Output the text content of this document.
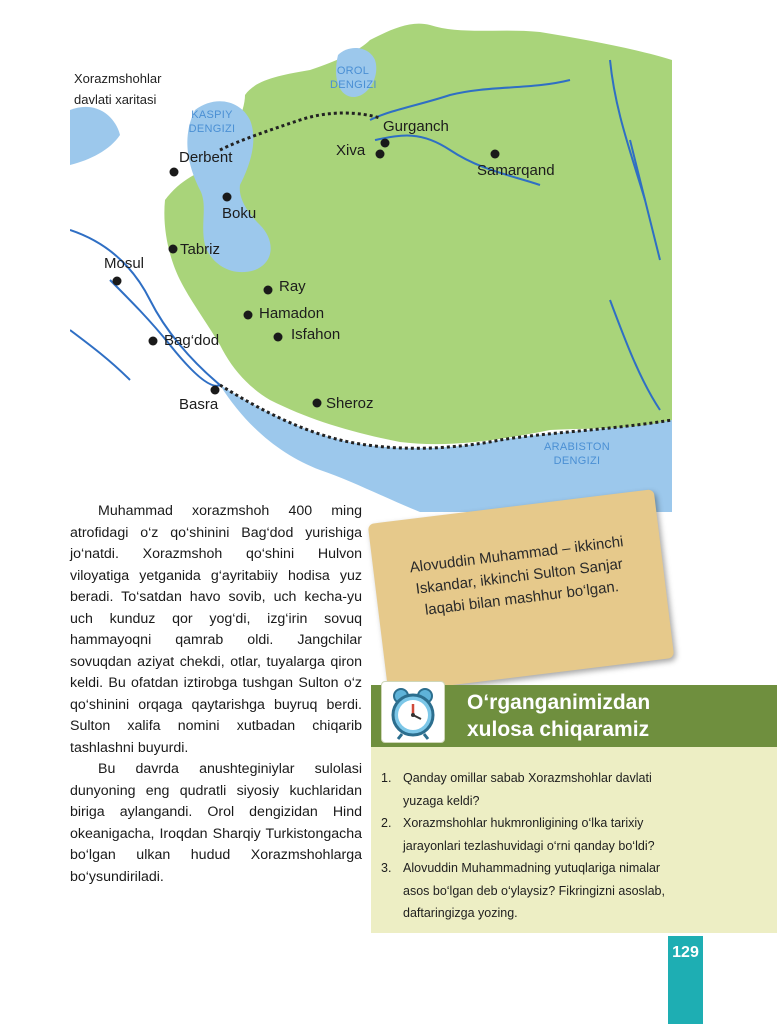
Xorazmshohlar davlati xaritasi
OROL DENGIZI
KASPIY DENGIZI
ARABISTON DENGIZI
Gurganch
Xiva
Samarqand
Derbent
Boku
Tabriz
Mosul
Ray
Hamadon
Isfahon
Bag‘dod
Basra	Sheroz

Muhammad xorazmshoh 400 ming atrofidagi o‘z qo‘shinini Bag‘dod yurishiga jo‘natdi. Xorazmshoh qo‘shini Hulvon viloyatiga yetganida g‘ayritabiiy hodisa yuz beradi. To‘satdan havo sovib, uch kecha-yu uch kunduz qor yog‘di, izg‘irin sovuq hammayoqni qamrab oldi. Jangchilar sovuqdan aziyat chekdi, otlar, tuyalarga qiron keldi. Bu ofatdan iztirobga tushgan Sulton o‘z qo‘shinini orqaga qaytarishga buyruq berdi. Sulton xalifa nomini xutbadan chiqarib tashlashni buyurdi.

Bu davrda anushteginiylar sulolasi dunyoning eng qudratli siyosiy kuchlaridan biriga aylangandi. Orol dengizidan Hind okeanigacha, Iroqdan Sharqiy Turkistongacha bo‘lgan ulkan hudud Xorazmshohlarga bo‘ysundiriladi.

Alovuddin Muhammad – ikkinchi Iskandar, ikkinchi Sulton Sanjar laqabi bilan mashhur bo‘lgan.
O‘rganganimizdan
xulosa chiqaramiz
1. Qanday omillar sabab Xorazmshohlar davlati yuzaga keldi?
2. Xorazmshohlar hukmronligining o‘lka tarixiy jarayonlari tezlashuvidagi o‘rni qanday bo‘ldi?
3. Alovuddin Muhammadning yutuqlariga nimalar asos bo‘lgan deb o‘ylaysiz? Fikringizni asoslab, daftaringizga yozing.
129
